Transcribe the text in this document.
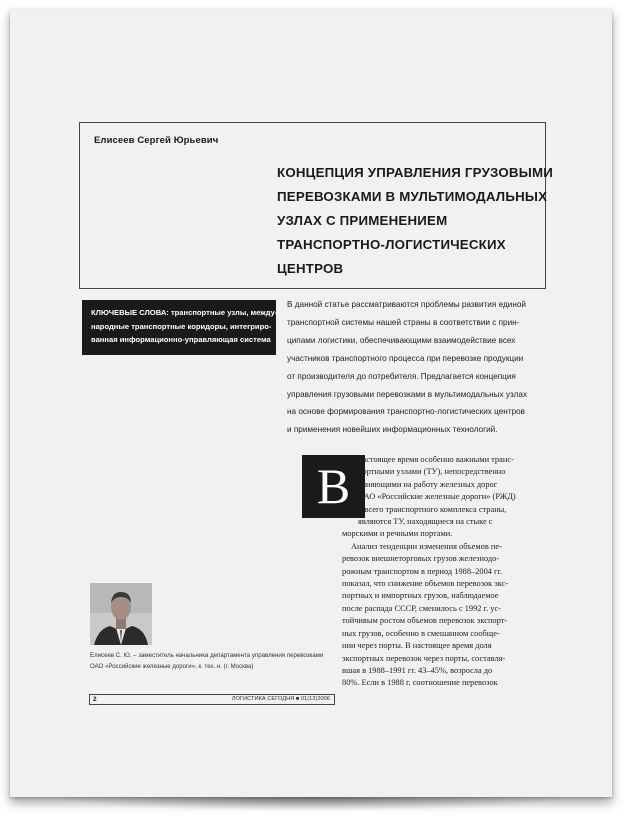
Елисеев Сергей Юрьевич
КОНЦЕПЦИЯ УПРАВЛЕНИЯ ГРУЗОВЫМИ
ПЕРЕВОЗКАМИ В МУЛЬТИМОДАЛЬНЫХ
УЗЛАХ С ПРИМЕНЕНИЕМ
ТРАНСПОРТНО-ЛОГИСТИЧЕСКИХ
ЦЕНТРОВ
КЛЮЧЕВЫЕ СЛОВА: транспортные узлы, между-
народные транспортные коридоры, интегриро-
ванная информационно-управляющая система
В данной статье рассматриваются проблемы развития единой
транспортной системы нашей страны в соответствии с прин-
ципами логистики, обеспечивающими взаимодействие всех
участников транспортного процесса при перевозке продукции
от производителя до потребителя. Предлагается концепция
управления грузовыми перевозками в мультимодальных узлах
на основе формирования транспортно-логистических центров
и применения новейших информационных технологий.
В настоящее время особенно важными транс-
портными узлами (ТУ), непосредственно
влияющими на работу железных дорог
ОАО «Российские железные дороги» (РЖД)
и всего транспортного комплекса страны,
являются ТУ, находящиеся на стыке с
морскими и речными портами.
Анализ тенденции изменения объемов пе-
ревозок внешнеторговых грузов железнодо-
рожным транспортом в период 1988–2004 гг.
показал, что снижение объемов перевозок экс-
портных и импортных грузов, наблюдаемое
после распада СССР, сменилось с 1992 г. ус-
тойчивым ростом объемов перевозок экспорт-
ных грузов, особенно в смешанном сообще-
нии через порты. В настоящее время доля
экспортных перевозок через порты, составля-
вшая в 1988–1991 гг. 43–45%, возросла до
80%. Если в 1988 г. соотношение перевозок
Елисеев С. Ю. – заместитель начальника департамента управления перевозками
ОАО «Российские железные дороги», к. тех. н. (г. Москва)
2	ЛОГИСТИКА СЕГОДНЯ ■ 01(13)2006
